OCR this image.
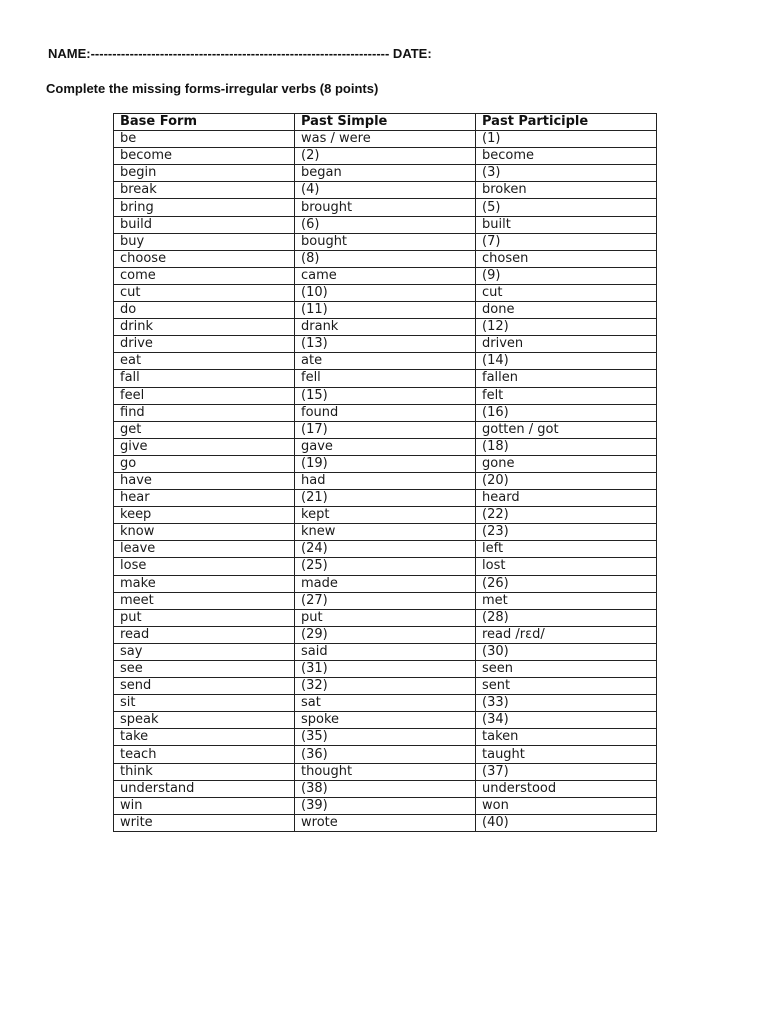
NAME:--------------------------------------------------------------------- DATE:
Complete the missing forms-irregular verbs (8 points)
Base Form	Past Simple	Past Participle
be	was / were	(1)
become	(2)	become
begin	began	(3)
break	(4)	broken
bring	brought	(5)
build	(6)	built
buy	bought	(7)
choose	(8)	chosen
come	came	(9)
cut	(10)	cut
do	(11)	done
drink	drank	(12)
drive	(13)	driven
eat	ate	(14)
fall	fell	fallen
feel	(15)	felt
find	found	(16)
get	(17)	gotten / got
give	gave	(18)
go	(19)	gone
have	had	(20)
hear	(21)	heard
keep	kept	(22)
know	knew	(23)
leave	(24)	left
lose	(25)	lost
make	made	(26)
meet	(27)	met
put	put	(28)
read	(29)	read /rɛd/
say	said	(30)
see	(31)	seen
send	(32)	sent
sit	sat	(33)
speak	spoke	(34)
take	(35)	taken
teach	(36)	taught
think	thought	(37)
understand	(38)	understood
win	(39)	won
write	wrote	(40)
